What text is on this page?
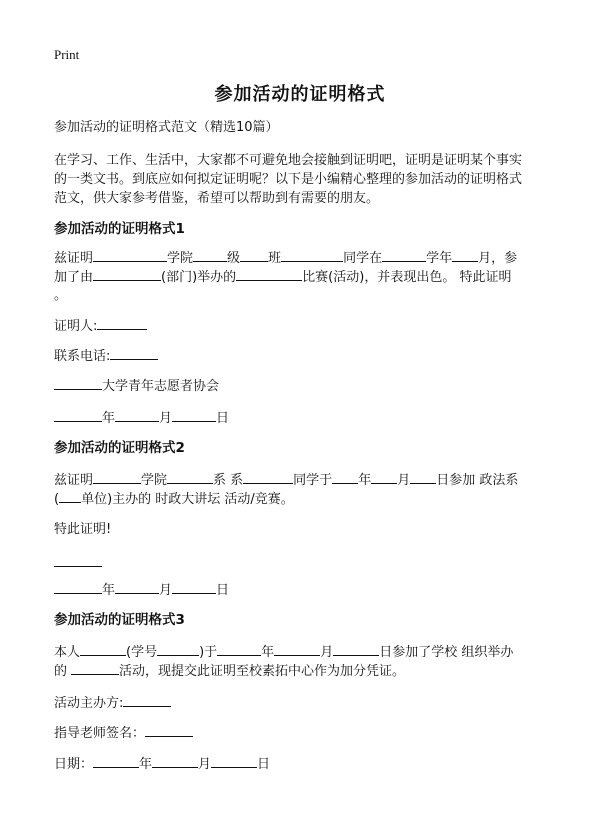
Print
参加活动的证明格式
参加活动的证明格式范文（精选10篇）
在学习、工作、生活中，大家都不可避免地会接触到证明吧，证明是证明某个事实
的一类文书。到底应如何拟定证明呢？以下是小编精心整理的参加活动的证明格式
范文，供大家参考借鉴，希望可以帮助到有需要的朋友。
参加活动的证明格式1
兹证明	学院	级 班	同学在	学年 月，参
加了由	(部门)举办的	比赛(活动)，并表现出色。 特此证明
。
证明人:
联系电话:
大学青年志愿者协会
年	月	日
参加活动的证明格式2
兹证明	学院	系 系	同学于 年 月 日参加 政法系
( 单位)主办的 时政大讲坛 活动/竞赛。
特此证明!
年	月	日
参加活动的证明格式3
本人	(学号	)于	年	月	日参加了学校 组织举办
的	活动，现提交此证明至校素拓中心作为加分凭证。
活动主办方:
指导老师签名：
日期：	年	月	日
